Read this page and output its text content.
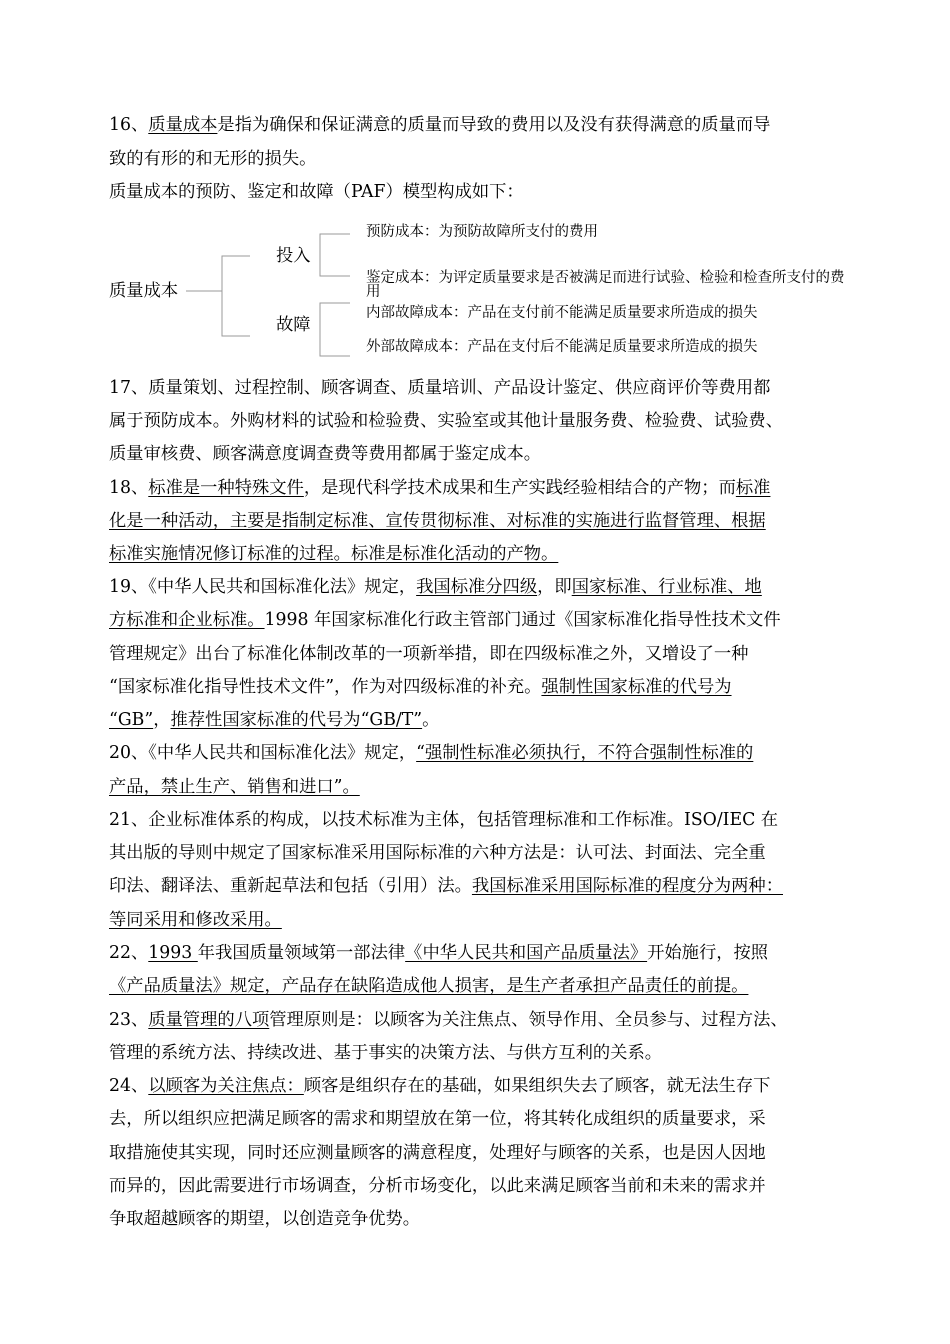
16、质量成本是指为确保和保证满意的质量而导致的费用以及没有获得满意的质量而导
致的有形的和无形的损失。
质量成本的预防、鉴定和故障（PAF）模型构成如下：
质量成本
投入
故障
预防成本：为预防故障所支付的费用
鉴定成本：为评定质量要求是否被满足而进行试验、检验和检查所支付的费
用
内部故障成本：产品在支付前不能满足质量要求所造成的损失
外部故障成本：产品在支付后不能满足质量要求所造成的损失
17、质量策划、过程控制、顾客调查、质量培训、产品设计鉴定、供应商评价等费用都
属于预防成本。外购材料的试验和检验费、实验室或其他计量服务费、检验费、试验费、
质量审核费、顾客满意度调查费等费用都属于鉴定成本。
18、标准是一种特殊文件，是现代科学技术成果和生产实践经验相结合的产物；而标准
化是一种活动，主要是指制定标准、宣传贯彻标准、对标准的实施进行监督管理、根据
标准实施情况修订标准的过程。标准是标准化活动的产物。
19、《中华人民共和国标准化法》规定，我国标准分四级，即国家标准、行业标准、地
方标准和企业标准。1998 年国家标准化行政主管部门通过《国家标准化指导性技术文件
管理规定》出台了标准化体制改革的一项新举措，即在四级标准之外，又增设了一种
“国家标准化指导性技术文件”，作为对四级标准的补充。强制性国家标准的代号为
“GB”，推荐性国家标准的代号为“GB/T”。
20、《中华人民共和国标准化法》规定，“强制性标准必须执行，不符合强制性标准的
产品，禁止生产、销售和进口”。
21、企业标准体系的构成，以技术标准为主体，包括管理标准和工作标准。ISO/IEC 在
其出版的导则中规定了国家标准采用国际标准的六种方法是：认可法、封面法、完全重
印法、翻译法、重新起草法和包括（引用）法。我国标准采用国际标准的程度分为两种：
等同采用和修改采用。
22、1993 年我国质量领域第一部法律《中华人民共和国产品质量法》开始施行，按照
《产品质量法》规定，产品存在缺陷造成他人损害，是生产者承担产品责任的前提。
23、质量管理的八项管理原则是：以顾客为关注焦点、领导作用、全员参与、过程方法、
管理的系统方法、持续改进、基于事实的决策方法、与供方互利的关系。
24、以顾客为关注焦点：顾客是组织存在的基础，如果组织失去了顾客，就无法生存下
去，所以组织应把满足顾客的需求和期望放在第一位，将其转化成组织的质量要求，采
取措施使其实现，同时还应测量顾客的满意程度，处理好与顾客的关系，也是因人因地
而异的，因此需要进行市场调查，分析市场变化，以此来满足顾客当前和未来的需求并
争取超越顾客的期望，以创造竞争优势。
